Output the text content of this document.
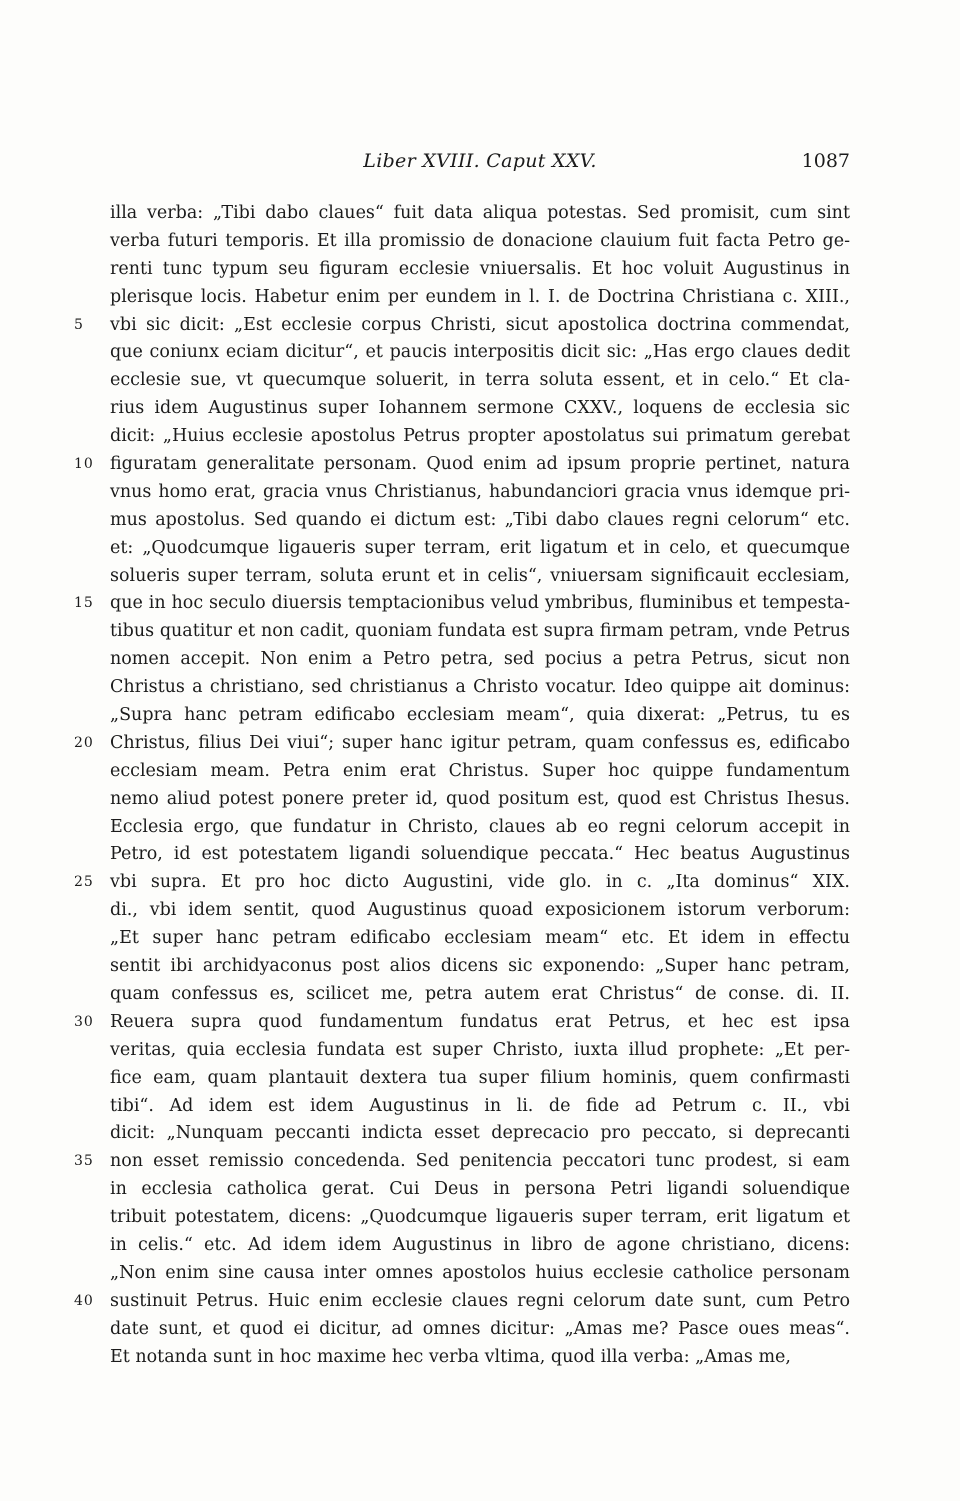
Liber XVIII. Caput XXV.	1087
illa verba: „Tibi dabo claues“ fuit data aliqua potestas. Sed promisit, cum sint
verba futuri temporis. Et illa promissio de donacione clauium fuit facta Petro ge-
renti tunc typum seu figuram ecclesie vniuersalis. Et hoc voluit Augustinus in
plerisque locis. Habetur enim per eundem in l. I. de Doctrina Christiana c. XIII.,
5	vbi sic dicit: „Est ecclesie corpus Christi, sicut apostolica doctrina commendat,
que coniunx eciam dicitur“, et paucis interpositis dicit sic: „Has ergo claues dedit
ecclesie sue, vt quecumque soluerit, in terra soluta essent, et in celo.“ Et cla-
rius idem Augustinus super Iohannem sermone CXXV., loquens de ecclesia sic
dicit: „Huius ecclesie apostolus Petrus propter apostolatus sui primatum gerebat
10 figuratam generalitate personam. Quod enim ad ipsum proprie pertinet, natura
vnus homo erat, gracia vnus Christianus, habundanciori gracia vnus idemque pri-
mus apostolus. Sed quando ei dictum est: „Tibi dabo claues regni celorum“ etc.
et: „Quodcumque ligaueris super terram, erit ligatum et in celo, et quecumque
solueris super terram, soluta erunt et in celis“, vniuersam significauit ecclesiam,
15 que in hoc seculo diuersis temptacionibus velud ymbribus, fluminibus et tempesta-
tibus quatitur et non cadit, quoniam fundata est supra firmam petram, vnde Petrus
nomen accepit. Non enim a Petro petra, sed pocius a petra Petrus, sicut non
Christus a christiano, sed christianus a Christo vocatur. Ideo quippe ait dominus:
„Supra hanc petram edificabo ecclesiam meam“, quia dixerat: „Petrus, tu es
20 Christus, filius Dei viui“; super hanc igitur petram, quam confessus es, edificabo
ecclesiam meam. Petra enim erat Christus. Super hoc quippe fundamentum
nemo aliud potest ponere preter id, quod positum est, quod est Christus Ihesus.
Ecclesia ergo, que fundatur in Christo, claues ab eo regni celorum accepit in
Petro, id est potestatem ligandi soluendique peccata.“ Hec beatus Augustinus
25 vbi supra. Et pro hoc dicto Augustini, vide glo. in c. „Ita dominus“ XIX.
di., vbi idem sentit, quod Augustinus quoad exposicionem istorum verborum:
„Et super hanc petram edificabo ecclesiam meam“ etc. Et idem in effectu
sentit ibi archidyaconus post alios dicens sic exponendo: „Super hanc petram,
quam confessus es, scilicet me, petra autem erat Christus“ de conse. di. II.
30 Reuera supra quod fundamentum fundatus erat Petrus, et hec est ipsa
veritas, quia ecclesia fundata est super Christo, iuxta illud prophete: „Et per-
fice eam, quam plantauit dextera tua super filium hominis, quem confirmasti
tibi“. Ad idem est idem Augustinus in li. de fide ad Petrum c. II., vbi
dicit: „Nunquam peccanti indicta esset deprecacio pro peccato, si deprecanti
35 non esset remissio concedenda. Sed penitencia peccatori tunc prodest, si eam
in ecclesia catholica gerat. Cui Deus in persona Petri ligandi soluendique
tribuit potestatem, dicens: „Quodcumque ligaueris super terram, erit ligatum et
in celis.“ etc. Ad idem idem Augustinus in libro de agone christiano, dicens:
„Non enim sine causa inter omnes apostolos huius ecclesie catholice personam
40 sustinuit Petrus. Huic enim ecclesie claues regni celorum date sunt, cum Petro
date sunt, et quod ei dicitur, ad omnes dicitur: „Amas me? Pasce oues meas“.
Et notanda sunt in hoc maxime hec verba vltima, quod illa verba: „Amas me,
